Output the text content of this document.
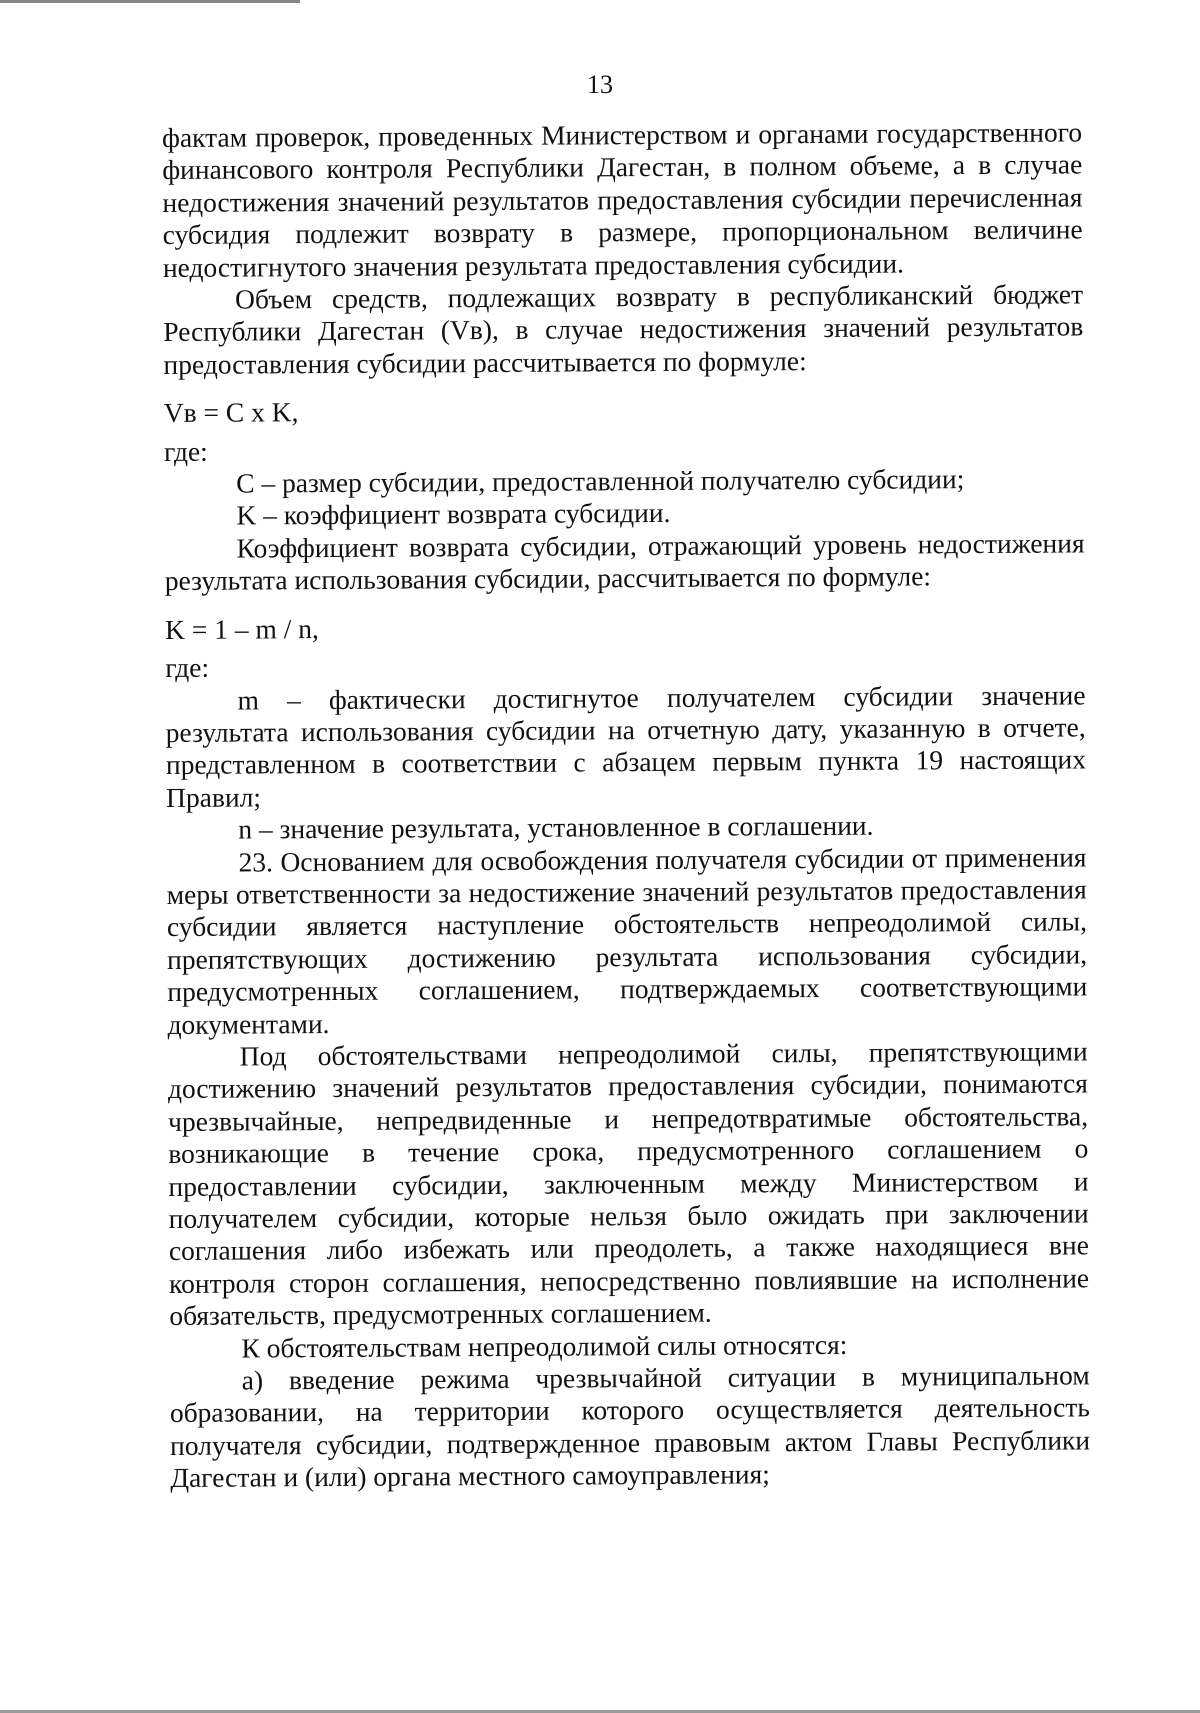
13

фактам проверок, проведенных Министерством и органами государственного финансового контроля Республики Дагестан, в полном объеме, а в случае недостижения значений результатов предоставления субсидии перечисленная субсидия подлежит возврату в размере, пропорциональном величине недостигнутого значения результата предоставления субсидии.

Объем средств, подлежащих возврату в республиканский бюджет Республики Дагестан (Vв), в случае недостижения значений результатов предоставления субсидии рассчитывается по формуле:

Vв = С х K,

где:

С – размер субсидии, предоставленной получателю субсидии;

K – коэффициент возврата субсидии.

Коэффициент возврата субсидии, отражающий уровень недостижения результата использования субсидии, рассчитывается по формуле:

K = 1 – m / n,

где:

m – фактически достигнутое получателем субсидии значение результата использования субсидии на отчетную дату, указанную в отчете, представленном в соответствии с абзацем первым пункта 19 настоящих Правил;

n – значение результата, установленное в соглашении.

23. Основанием для освобождения получателя субсидии от применения меры ответственности за недостижение значений результатов предоставления субсидии является наступление обстоятельств непреодолимой силы, препятствующих достижению результата использования субсидии, предусмотренных соглашением, подтверждаемых соответствующими документами.

Под обстоятельствами непреодолимой силы, препятствующими достижению значений результатов предоставления субсидии, понимаются чрезвычайные, непредвиденные и непредотвратимые обстоятельства, возникающие в течение срока, предусмотренного соглашением о предоставлении субсидии, заключенным между Министерством и получателем субсидии, которые нельзя было ожидать при заключении соглашения либо избежать или преодолеть, а также находящиеся вне контроля сторон соглашения, непосредственно повлиявшие на исполнение обязательств, предусмотренных соглашением.

К обстоятельствам непреодолимой силы относятся:

а) введение режима чрезвычайной ситуации в муниципальном образовании, на территории которого осуществляется деятельность получателя субсидии, подтвержденное правовым актом Главы Республики Дагестан и (или) органа местного самоуправления;
